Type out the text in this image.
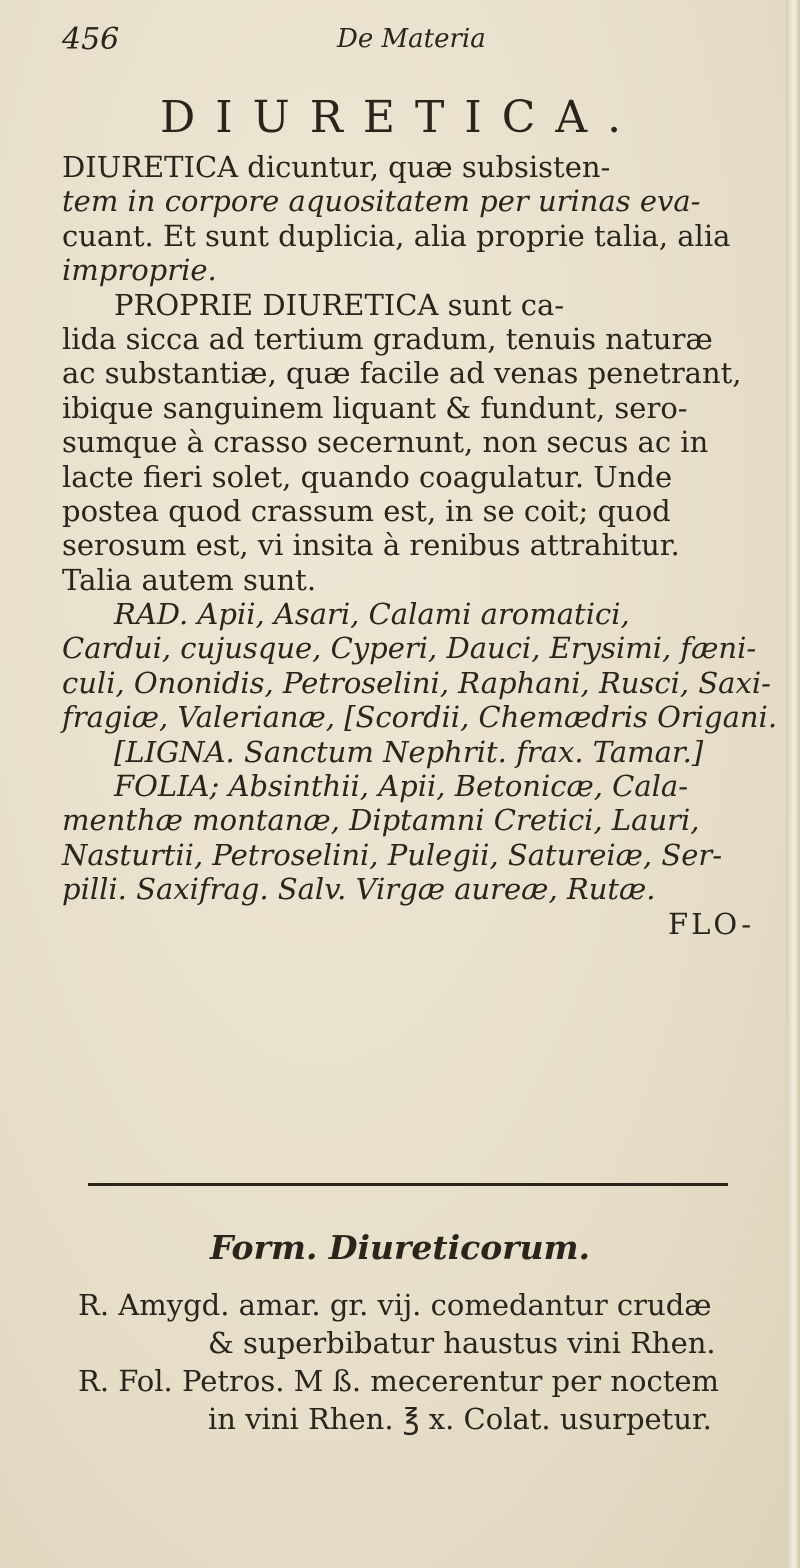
456	De Materia
DIURETICA.
DIURETICA dicuntur, quæ subsisten-
tem in corpore aquositatem per urinas eva-
cuant. Et sunt duplicia, alia proprie talia, alia
improprie.
PROPRIE DIURETICA sunt ca-
lida sicca ad tertium gradum, tenuis naturæ
ac substantiæ, quæ facile ad venas penetrant,
ibique sanguinem liquant & fundunt, sero-
sumque à crasso secernunt, non secus ac in
lacte fieri solet, quando coagulatur. Unde
postea quod crassum est, in se coit; quod
serosum est, vi insita à renibus attrahitur.
Talia autem sunt.
RAD. Apii, Asari, Calami aromatici,
Cardui, cujusque, Cyperi, Dauci, Erysimi, fæni-
culi, Ononidis, Petroselini, Raphani, Rusci, Saxi-
fragiæ, Valerianæ, [Scordii, Chemædris Origani.
[LIGNA. Sanctum Nephrit. frax. Tamar.]
FOLIA; Absinthii, Apii, Betonicæ, Cala-
menthæ montanæ, Diptamni Cretici, Lauri,
Nasturtii, Petroselini, Pulegii, Satureiæ, Ser-
pilli. Saxifrag. Salv. Virgæ aureæ, Rutæ.
FLO-
Form. Diureticorum.
R. Amygd. amar. gr. vij. comedantur crudæ
& superbibatur haustus vini Rhen.
R. Fol. Petros. M ß. mecerentur per noctem
in vini Rhen. ℥ x. Colat. usurpetur.
